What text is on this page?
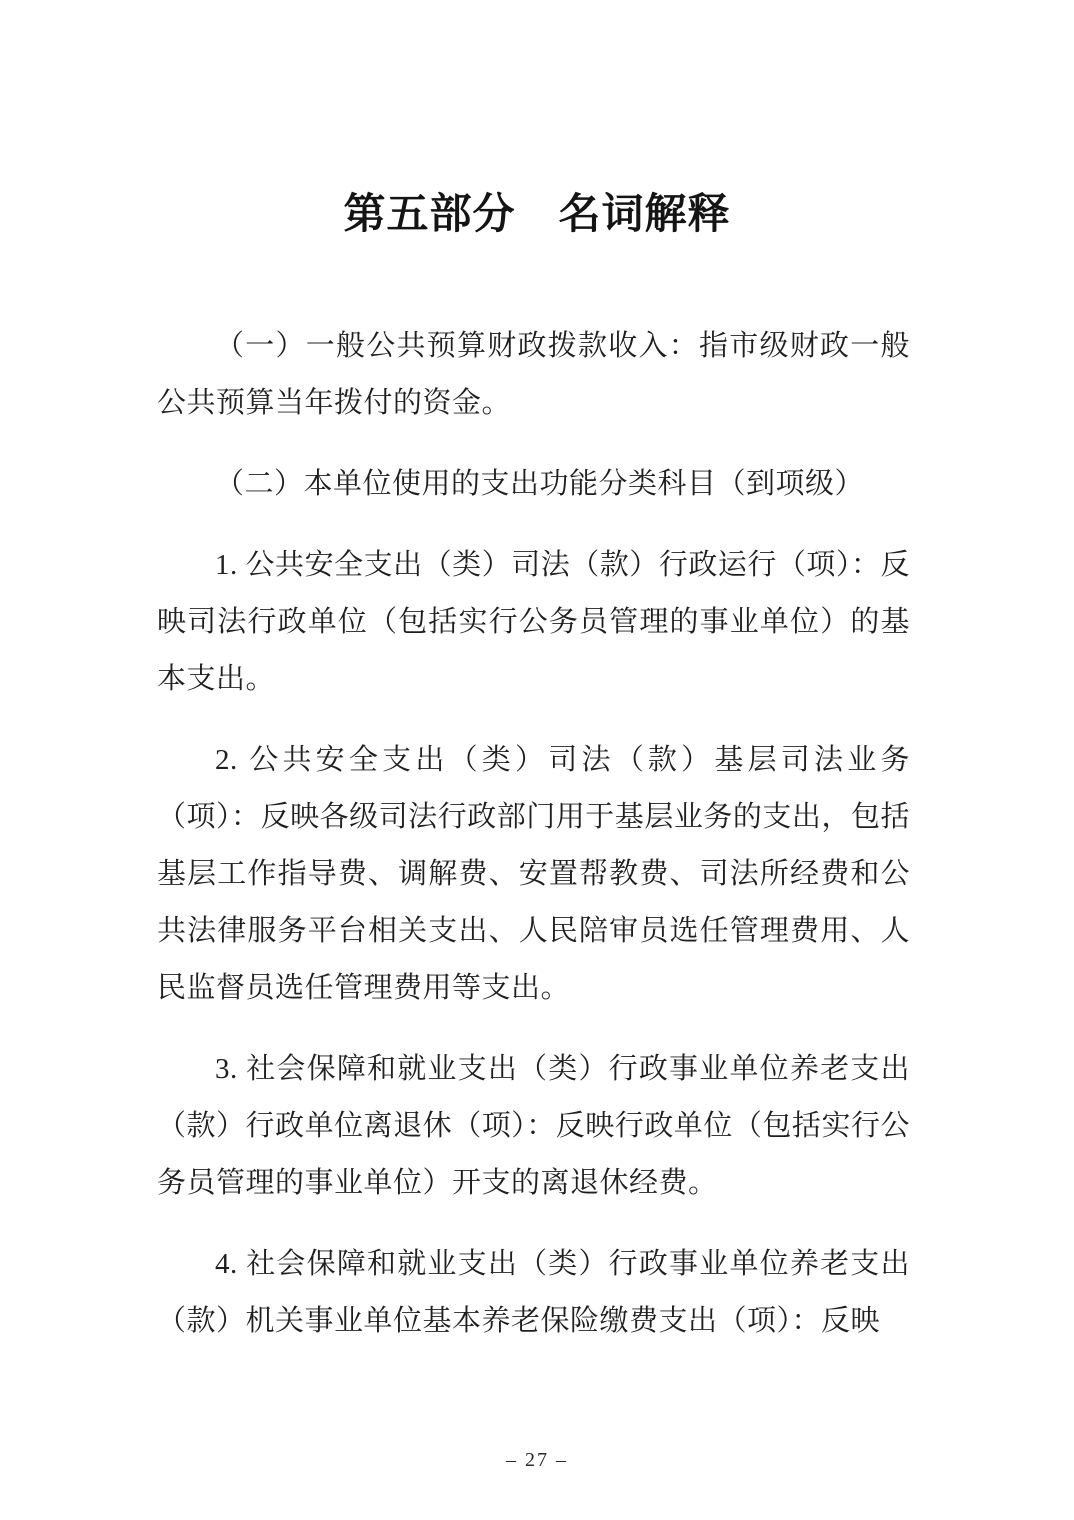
第五部分　名词解释

（一）一般公共预算财政拨款收入：指市级财政一般公共预算当年拨付的资金。

（二）本单位使用的支出功能分类科目（到项级）

1. 公共安全支出（类）司法（款）行政运行（项）：反映司法行政单位（包括实行公务员管理的事业单位）的基本支出。

2. 公共安全支出（类）司法（款）基层司法业务（项）：反映各级司法行政部门用于基层业务的支出，包括基层工作指导费、调解费、安置帮教费、司法所经费和公共法律服务平台相关支出、人民陪审员选任管理费用、人民监督员选任管理费用等支出。

3. 社会保障和就业支出（类）行政事业单位养老支出（款）行政单位离退休（项）：反映行政单位（包括实行公务员管理的事业单位）开支的离退休经费。

4. 社会保障和就业支出（类）行政事业单位养老支出（款）机关事业单位基本养老保险缴费支出（项）：反映

– 27 –
